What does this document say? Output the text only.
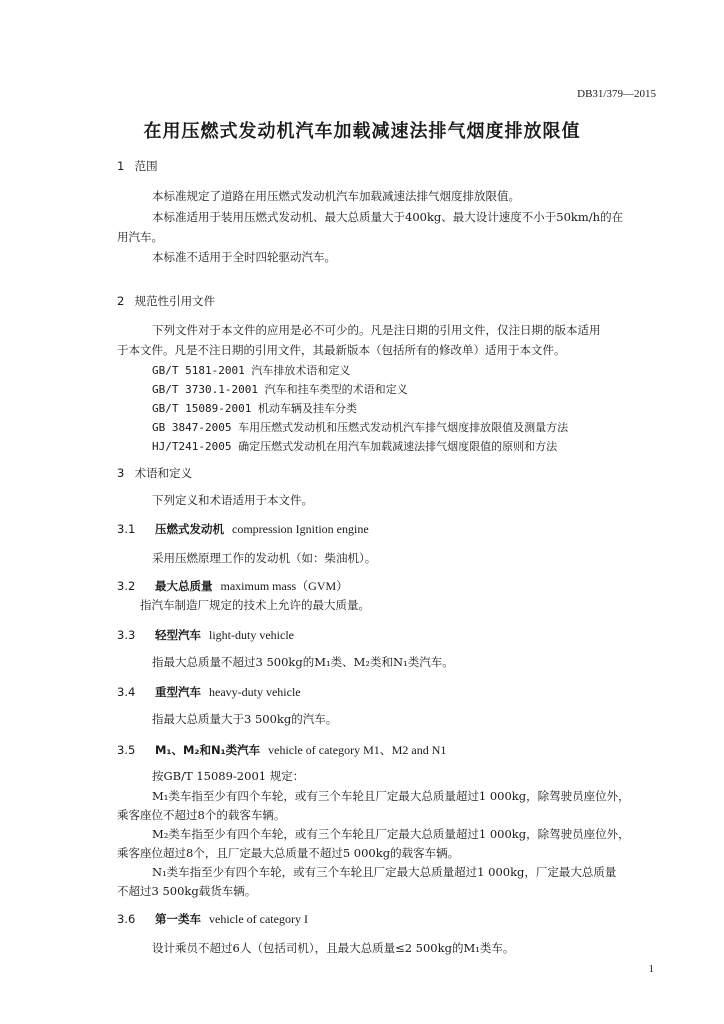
DB31/379—2015
在用压燃式发动机汽车加载减速法排气烟度排放限值
1 范围
本标准规定了道路在用压燃式发动机汽车加载减速法排气烟度排放限值。
本标准适用于装用压燃式发动机、最大总质量大于400kg、最大设计速度不小于50km/h的在
用汽车。
本标准不适用于全时四轮驱动汽车。
2 规范性引用文件
下列文件对于本文件的应用是必不可少的。凡是注日期的引用文件，仅注日期的版本适用
于本文件。凡是不注日期的引用文件，其最新版本（包括所有的修改单）适用于本文件。
GB/T 5181-2001 汽车排放术语和定义
GB/T 3730.1-2001 汽车和挂车类型的术语和定义
GB/T 15089-2001 机动车辆及挂车分类
GB 3847-2005 车用压燃式发动机和压燃式发动机汽车排气烟度排放限值及测量方法
HJ/T241-2005 确定压燃式发动机在用汽车加载减速法排气烟度限值的原则和方法
3 术语和定义
下列定义和术语适用于本文件。
3.1 压燃式发动机 compression Ignition engine
采用压燃原理工作的发动机（如：柴油机）。
3.2 最大总质量 maximum mass（GVM）
指汽车制造厂规定的技术上允许的最大质量。
3.3 轻型汽车 light-duty vehicle
指最大总质量不超过3 500kg的M₁类、M₂类和N₁类汽车。
3.4 重型汽车 heavy-duty vehicle
指最大总质量大于3 500kg的汽车。
3.5 M₁、M₂和N₁类汽车 vehicle of category M1、M2 and N1
按GB/T 15089-2001 规定：
M₁类车指至少有四个车轮，或有三个车轮且厂定最大总质量超过1 000kg，除驾驶员座位外，
乘客座位不超过8个的载客车辆。
M₂类车指至少有四个车轮，或有三个车轮且厂定最大总质量超过1 000kg，除驾驶员座位外，
乘客座位超过8个，且厂定最大总质量不超过5 000kg的载客车辆。
N₁类车指至少有四个车轮，或有三个车轮且厂定最大总质量超过1 000kg，厂定最大总质量
不超过3 500kg载货车辆。
3.6 第一类车 vehicle of category I
设计乘员不超过6人（包括司机），且最大总质量≤2 500kg的M₁类车。
1
